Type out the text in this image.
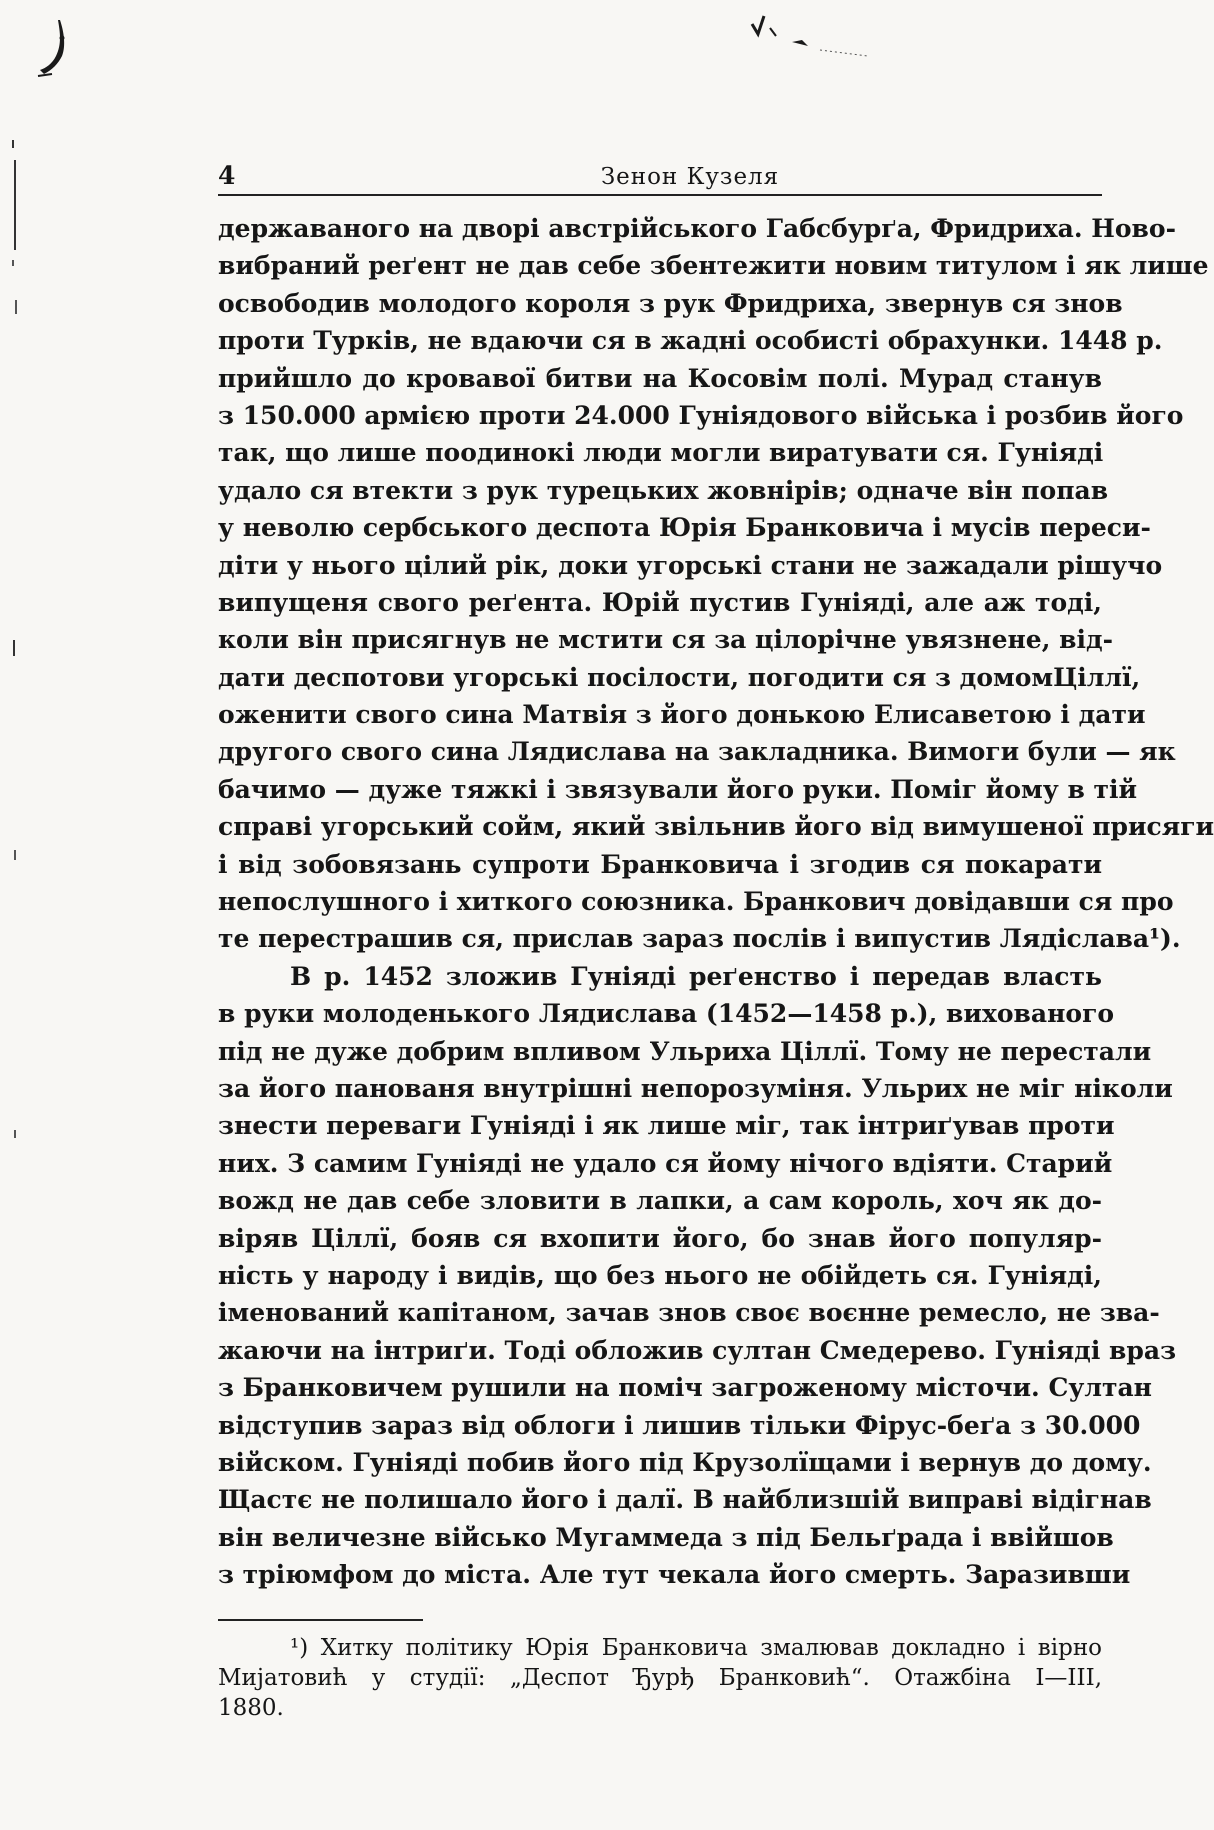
4	Зенон Кузеля
державаного на дворі австрійського Габсбурґа, Фридриха. Ново-
вибраний реґент не дав себе збентежити новим титулом і як лише
освободив молодого короля з рук Фридриха, звернув ся знов
проти Турків, не вдаючи ся в жадні особисті обрахунки. 1448 р.
прийшло до кровавої битви на Косовім полі. Мурад станув
з 150.000 армією проти 24.000 Гуніядового війська і розбив його
так, що лише поодинокі люди могли виратувати ся. Гуніяді
удало ся втекти з рук турецьких жовнірів; одначе він попав
у неволю сербського деспота Юрія Бранковича і мусів переси-
діти у нього цілий рік, доки угорські стани не зажадали рішучо
випущеня свого реґента. Юрій пустив Гуніяді, але аж тоді,
коли він присягнув не мстити ся за цілорічне увязнене, від-
дати деспотови угорські посілости, погодити ся з домомЦіллї,
оженити свого сина Матвія з його донькою Елисаветою і дати
другого свого сина Лядислава на закладника. Вимоги були — як
бачимо — дуже тяжкі і звязували його руки. Поміг йому в тій
справі угорський сойм, який звільнив його від вимушеної присяги
і від зобовязань супроти Бранковича і згодив ся покарати
непослушного і хиткого союзника. Бранкович довідавши ся про
те перестрашив ся, прислав зараз послів і випустив Лядіслава¹).
В р. 1452 зложив Гуніяді реґенство і передав власть
в руки молоденького Лядислава (1452—1458 р.), вихованого
під не дуже добрим впливом Ульриха Ціллї. Тому не перестали
за його панованя внутрішні непорозуміня. Ульрих не міг ніколи
знести переваги Гуніяді і як лише міг, так інтриґував проти
них. З самим Гуніяді не удало ся йому нічого вдіяти. Старий
вожд не дав себе зловити в лапки, а сам король, хоч як до-
віряв Ціллї, бояв ся вхопити його, бо знав його популяр-
ність у народу і видів, що без нього не обійдеть ся. Гуніяді,
іменований капітаном, зачав знов своє воєнне ремесло, не зва-
жаючи на інтриґи. Тоді обложив султан Смедерево. Гуніяді враз
з Бранковичем рушили на поміч загроженому місточи. Султан
відступив зараз від облоги і лишив тільки Фірус-беґа з 30.000
війском. Гуніяді побив його під Крузолїщами і вернув до дому.
Щастє не полишало його і далї. В найблизшій виправі відігнав
він величезне військо Мугаммеда з під Бельґрада і ввійшов
з тріюмфом до міста. Але тут чекала його смерть. Заразивши
¹) Хитку політику Юрія Бранковича змалював докладно і вірно
Мијатовић у студії: „Деспот Ђурђ Бранковић“. Отажбіна I—III,
1880.
